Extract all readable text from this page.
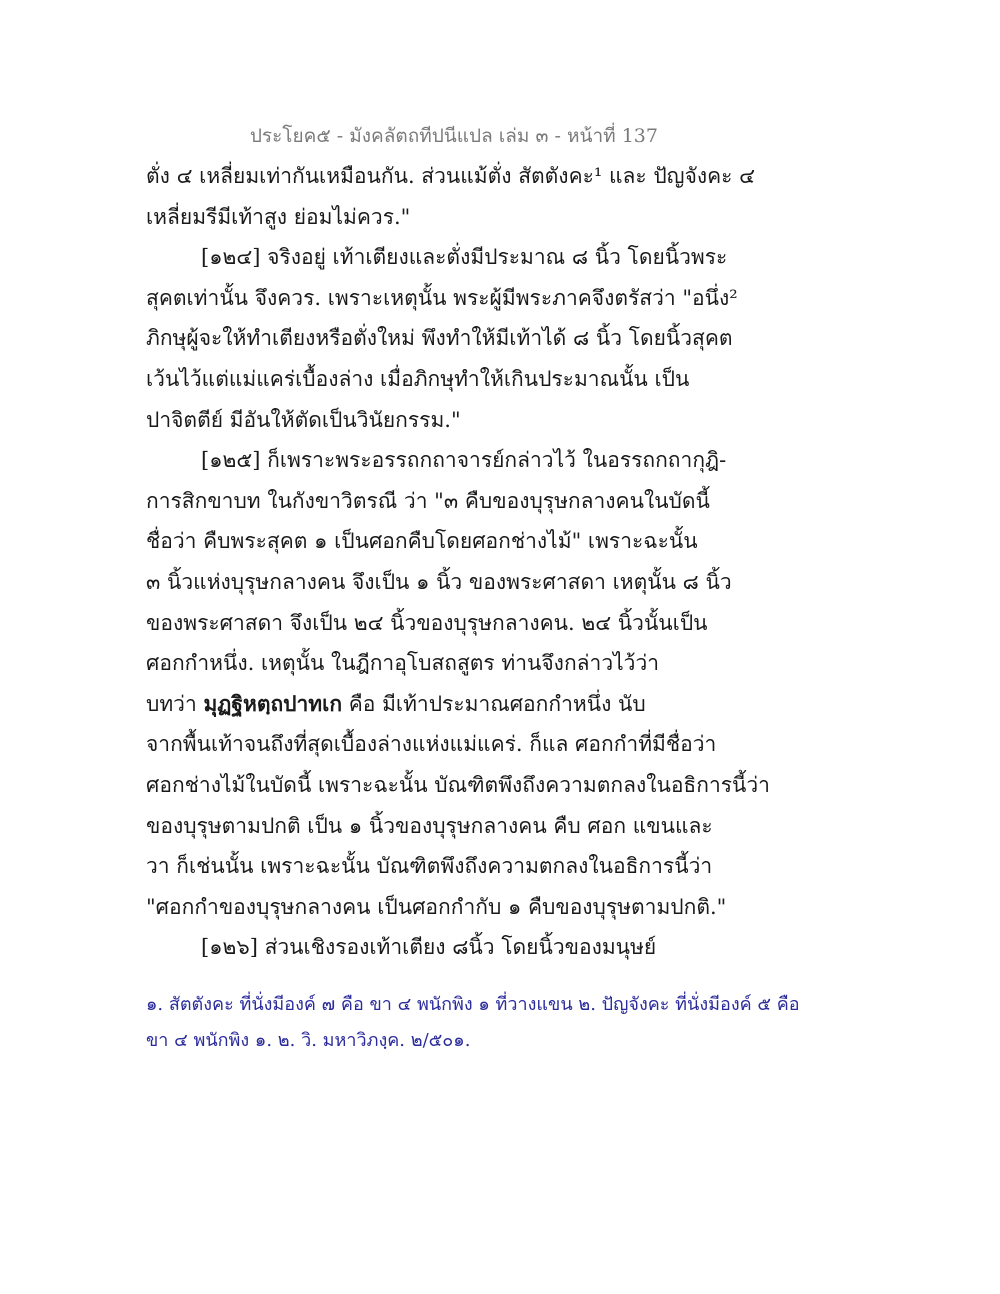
ประโยค๕ - มังคลัตถทีปนีแปล เล่ม ๓ - หน้าที่ 137
ตั่ง ๔ เหลี่ยมเท่ากันเหมือนกัน. ส่วนแม้ตั่ง สัตตังคะ¹ และ ปัญจังคะ ๔
เหลี่ยมรีมีเท้าสูง ย่อมไม่ควร."
[๑๒๔] จริงอยู่ เท้าเตียงและตั่งมีประมาณ ๘ นิ้ว โดยนิ้วพระ
สุคตเท่านั้น จึงควร. เพราะเหตุนั้น พระผู้มีพระภาคจึงตรัสว่า "อนึ่ง²
ภิกษุผู้จะให้ทำเตียงหรือตั่งใหม่ พึงทำให้มีเท้าได้ ๘ นิ้ว โดยนิ้วสุคต
เว้นไว้แต่แม่แคร่เบื้องล่าง เมื่อภิกษุทำให้เกินประมาณนั้น เป็น
ปาจิตตีย์ มีอันให้ตัดเป็นวินัยกรรม."
[๑๒๕] ก็เพราะพระอรรถกถาจารย์กล่าวไว้ ในอรรถกถากุฎิ-
การสิกขาบท ในกังขาวิตรณี ว่า "๓ คืบของบุรุษกลางคนในบัดนี้
ชื่อว่า คืบพระสุคต ๑ เป็นศอกคืบโดยศอกช่างไม้" เพราะฉะนั้น
๓ นิ้วแห่งบุรุษกลางคน จึงเป็น ๑ นิ้ว ของพระศาสดา เหตุนั้น ๘ นิ้ว
ของพระศาสดา จึงเป็น ๒๔ นิ้วของบุรุษกลางคน. ๒๔ นิ้วนั้นเป็น
ศอกกำหนึ่ง. เหตุนั้น ในฎีกาอุโบสถสูตร ท่านจึงกล่าวไว้ว่า
บทว่า มุฏฐิหตฺถปาทเก คือ มีเท้าประมาณศอกกำหนึ่ง นับ
จากพื้นเท้าจนถึงที่สุดเบื้องล่างแห่งแม่แคร่. ก็แล ศอกกำที่มีชื่อว่า
ศอกช่างไม้ในบัดนี้ เพราะฉะนั้น บัณฑิตพึงถึงความตกลงในอธิการนี้ว่า
ของบุรุษตามปกติ เป็น ๑ นิ้วของบุรุษกลางคน คืบ ศอก แขนและ
วา ก็เช่นนั้น เพราะฉะนั้น บัณฑิตพึงถึงความตกลงในอธิการนี้ว่า
"ศอกกำของบุรุษกลางคน เป็นศอกกำกับ ๑ คืบของบุรุษตามปกติ."
[๑๒๖] ส่วนเชิงรองเท้าเตียง ๘นิ้ว โดยนิ้วของมนุษย์
๑. สัตตังคะ ที่นั่งมีองค์ ๗ คือ ขา ๔ พนักพิง ๑ ที่วางแขน ๒. ปัญจังคะ ที่นั่งมีองค์ ๕ คือ
ขา ๔ พนักพิง ๑. ๒. วิ. มหาวิภงฺค. ๒/๕๐๑.
